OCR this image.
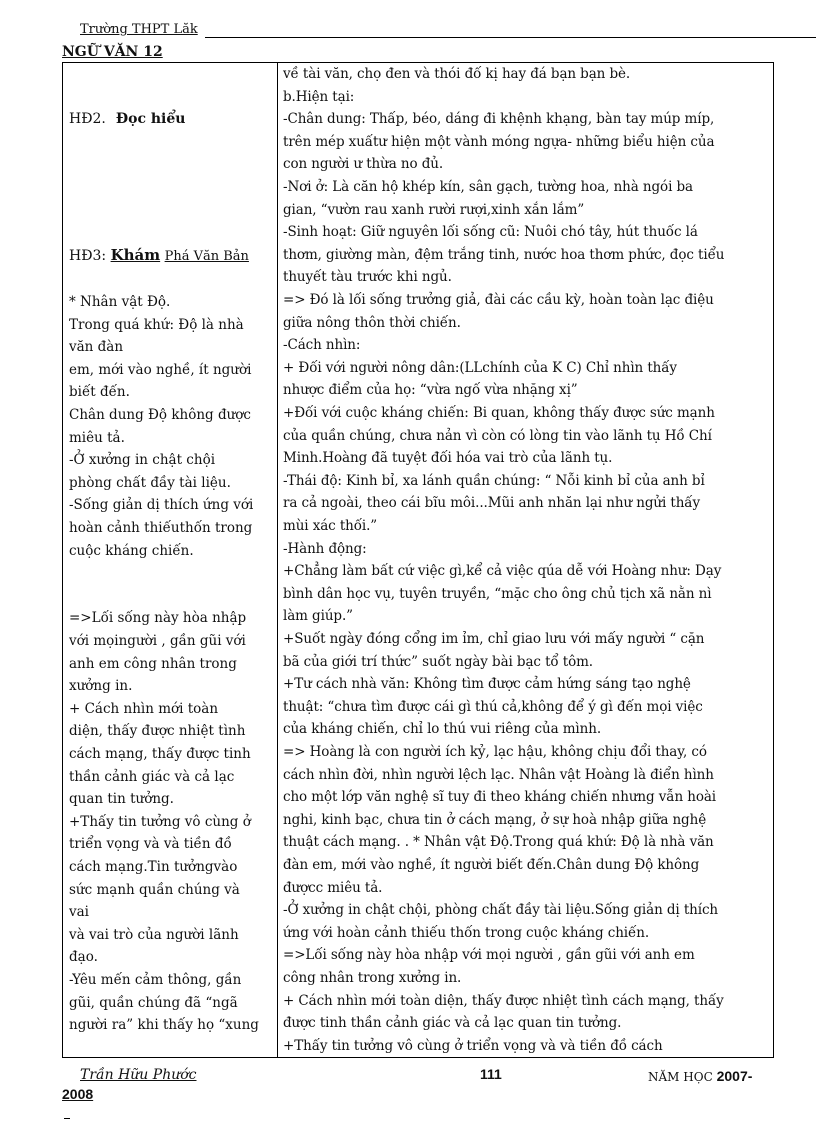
Trường THPT Lăk
NGỮ VĂN 12
HĐ2. Đọc hiểu
HĐ3: Khám Phá Văn Bản
* Nhân vật Độ.
Trong quá khứ: Độ là nhà
văn đàn
em, mới vào nghề, ít người
biết đến.
Chân dung Độ không được
miêu tả.
-Ở xưởng in chật chội
phòng chất đầy tài liệu.
-Sống giản dị thích ứng với
hoàn cảnh thiếuthốn trong
cuộc kháng chiến.
=>Lối sống này hòa nhập
với mọingười , gần gũi với
anh em công nhân trong
xưởng in.
+ Cách nhìn mới toàn
diện, thấy được nhiệt tình
cách mạng, thấy được tinh
thần cảnh giác và cả lạc
quan tin tưởng.
+Thấy tin tưởng vô cùng ở
triển vọng và và tiền đồ
cách mạng.Tin tưởngvào
sức mạnh quần chúng và
vai
và vai trò của người lãnh
đạo.
-Yêu mến cảm thông, gần
gũi, quần chúng đã “ngã
người ra” khi thấy họ “xung
về tài văn, chọ đen và thói đố kị hay đá bạn bạn bè.
b.Hiện tại:
-Chân dung: Thấp, béo, dáng đi khệnh khạng, bàn tay múp míp,
trên mép xuấtư hiện một vành móng ngựa- những biểu hiện của
con người ư thừa no đủ.
-Nơi ở: Là căn hộ khép kín, sân gạch, tường hoa, nhà ngói ba
gian, “vườn rau xanh rười rượi,xinh xắn lắm”
-Sinh hoạt: Giữ nguyên lối sống cũ: Nuôi chó tây, hút thuốc lá
thơm, giường màn, đệm trắng tinh, nước hoa thơm phức, đọc tiểu
thuyết tàu trước khi ngủ.
=> Đó là lối sống trưởng giả, đài các cầu kỳ, hoàn toàn lạc điệu
giữa nông thôn thời chiến.
-Cách nhìn:
+ Đối với người nông dân:(LLchính của K C) Chỉ nhìn thấy
nhược điểm của họ: “vừa ngố vừa nhặng xị”
+Đối với cuộc kháng chiến: Bi quan, không thấy được sức mạnh
của quần chúng, chưa nản vì còn có lòng tin vào lãnh tụ Hồ Chí
Minh.Hoàng đã tuyệt đối hóa vai trò của lãnh tụ.
-Thái độ: Kinh bỉ, xa lánh quần chúng: “ Nỗi kinh bỉ của anh bỉ
ra cả ngoài, theo cái bĩu môi...Mũi anh nhăn lại như ngửi thấy
mùi xác thối.”
-Hành động:
+Chẳng làm bất cứ việc gì,kể cả việc qúa dễ với Hoàng như: Dạy
bình dân học vụ, tuyên truyền, “mặc cho ông chủ tịch xã nằn nì
làm giúp.”
+Suốt ngày đóng cổng im ỉm, chỉ giao lưu với mấy người “ cặn
bã của giới trí thức” suốt ngày bài bạc tổ tôm.
+Tư cách nhà văn: Không tìm được cảm hứng sáng tạo nghệ
thuật: “chưa tìm được cái gì thú cả,không để ý gì đến mọi việc
của kháng chiến, chỉ lo thú vui riêng của mình.
=> Hoàng là con người ích kỷ, lạc hậu, không chịu đổi thay, có
cách nhìn đời, nhìn người lệch lạc. Nhân vật Hoàng là điển hình
cho một lớp văn nghệ sĩ tuy đi theo kháng chiến nhưng vẫn hoài
nghi, kinh bạc, chưa tin ở cách mạng, ở sự hoà nhập giữa nghệ
thuật cách mạng. . * Nhân vật Độ.Trong quá khứ: Độ là nhà văn
đàn em, mới vào nghề, ít người biết đến.Chân dung Độ không
đượcc miêu tả.
-Ở xưởng in chật chội, phòng chất đầy tài liệu.Sống giản dị thích
ứng với hoàn cảnh thiếu thốn trong cuộc kháng chiến.
=>Lối sống này hòa nhập với mọi người , gần gũi với anh em
công nhân trong xưởng in.
+ Cách nhìn mới toàn diện, thấy được nhiệt tình cách mạng, thấy
được tinh thần cảnh giác và cả lạc quan tin tưởng.
+Thấy tin tưởng vô cùng ở triển vọng và và tiền đồ cách
Trần Hữu Phước	111	NĂM HỌC 2007-
2008
